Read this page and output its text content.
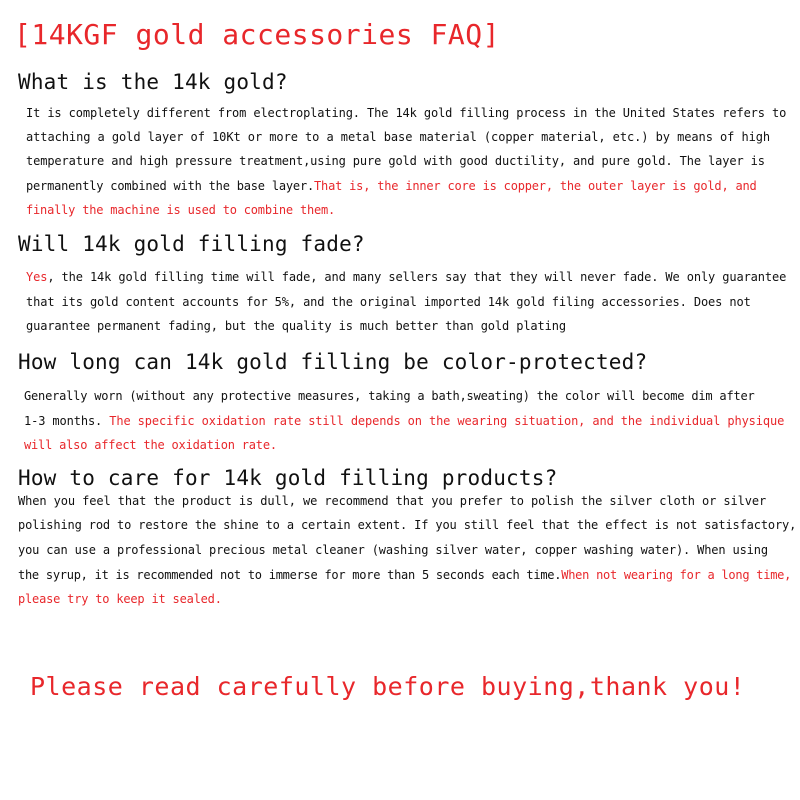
[14KGF gold accessories FAQ]
What is the 14k gold?
It is completely different from electroplating. The 14k gold filling process in the United States refers to
attaching a gold layer of 10Kt or more to a metal base material (copper material, etc.) by means of high
temperature and high pressure treatment,using pure gold with good ductility, and pure gold. The layer is
permanently combined with the base layer.That is, the inner core is copper, the outer layer is gold, and
finally the machine is used to combine them.
Will 14k gold filling fade?
Yes, the 14k gold filling time will fade, and many sellers say that they will never fade. We only guarantee
that its gold content accounts for 5%, and the original imported 14k gold filing accessories. Does not
guarantee permanent fading, but the quality is much better than gold plating
How long can 14k gold filling be color-protected?
Generally worn (without any protective measures, taking a bath,sweating) the color will become dim after
1-3 months. The specific oxidation rate still depends on the wearing situation, and the individual physique
will also affect the oxidation rate.
How to care for 14k gold filling products?
When you feel that the product is dull, we recommend that you prefer to polish the silver cloth or silver
polishing rod to restore the shine to a certain extent. If you still feel that the effect is not satisfactory,
you can use a professional precious metal cleaner (washing silver water, copper washing water). When using
the syrup, it is recommended not to immerse for more than 5 seconds each time.When not wearing for a long time,
please try to keep it sealed.
Please read carefully before buying,thank you!
